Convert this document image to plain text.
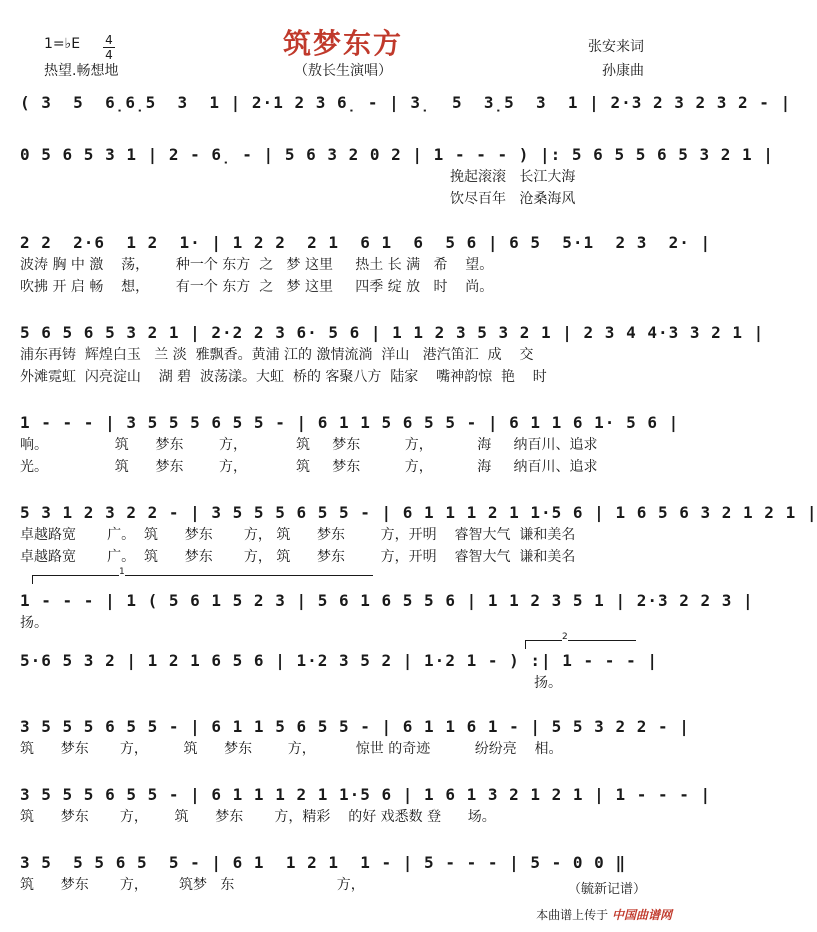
筑梦东方
（敖长生演唱）
1=♭E 4
4
热望.畅想地
张安来词
孙康曲
( 3  5  6̣6̣5  3  1 | 2·1 2 3 6̣ - | 3̣  5  3̣5  3  1 | 2·3 2 3 2 3 2 - |
0 5 6 5 3 1 | 2 - 6̣ - | 5 6 3 2 0 2 | 1 - - - ) |: 5 6 5 5 6 5 3 2 1 |
挽起滚滚   长江大海
饮尽百年   沧桑海风
2 2  2·6  1 2  1· | 1 2 2  2 1  6 1  6  5 6 | 6 5  5·1  2 3  2· |
波涛 胸 中 激    荡，      种一个 东方  之   梦 这里     热土 长 满   希    望。
吹拂 开 启 畅    想，      有一个 东方  之   梦 这里     四季 绽 放   时    尚。
5 6 5 6 5 3 2 1 | 2·2 2 3 6· 5 6 | 1 1 2 3 5 3 2 1 | 2 3 4 4·3 3 2 1 |
浦东再铸  辉煌白玉   兰 淡  雅飘香。黄浦 江的 激情流淌  洋山   港汽笛汇  成    交
外滩霓虹  闪亮淀山    湖 碧  波荡漾。大虹  桥的 客聚八方  陆家    嘴神韵惊  艳    时
1 - - - | 3 5 5 5 6 5 5 - | 6 1 1 5 6 5 5 - | 6 1 1 6 1· 5 6 |
响。               筑      梦东        方，           筑     梦东          方，          海     纳百川、追求
光。               筑      梦东        方，           筑     梦东          方，          海     纳百川、追求
5 3 1 2 3 2 2 - | 3 5 5 5 6 5 5 - | 6 1 1 1 2 1 1·5 6 | 1 6 5 6 3 2 1 2 1 |
卓越路宽       广。  筑      梦东       方， 筑      梦东        方，开明    睿智大气  谦和美名
卓越路宽       广。  筑      梦东       方， 筑      梦东        方，开明    睿智大气  谦和美名
1
1 - - - | 1 ( 5 6 1 5 2 3 | 5 6 1 6 5 5 6 | 1 1 2 3 5 1 | 2·3 2 2 3 |
扬。
2
5·6 5 3 2 | 1 2 1 6 5 6 | 1·2 3 5 2 | 1·2 1 - ) :| 1 - - - |
扬。
3 5 5 5 6 5 5 - | 6 1 1 5 6 5 5 - | 6 1 1 6 1 - | 5 5 3 2 2 - |
筑      梦东       方，        筑      梦东        方，         惊世 的奇迹          纷纷亮    相。
3 5 5 5 6 5 5 - | 6 1 1 1 2 1 1·5 6 | 1 6 1 3 2 1 2 1 | 1 - - - |
筑      梦东       方，      筑      梦东       方，精彩    的好 戏悉数 登      场。
3 5  5 5 6 5  5 - | 6 1  1 2 1  1 - | 5 - - - | 5 - 0 0 ‖
筑      梦东       方，       筑梦   东                       方，	（毓新记谱）
本曲谱上传于 中国曲谱网
